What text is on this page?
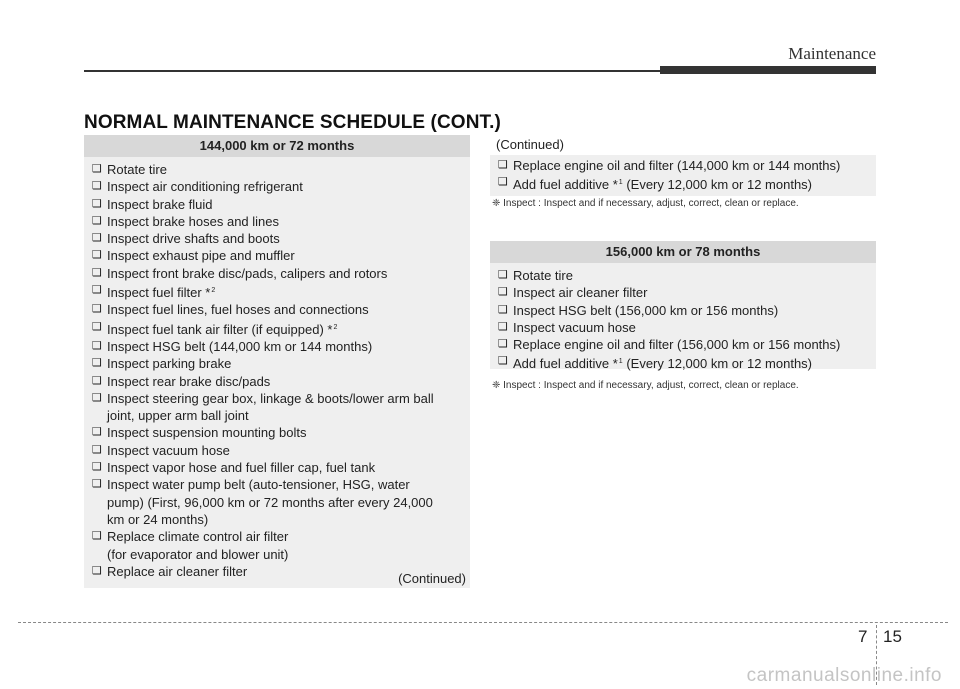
Maintenance
NORMAL MAINTENANCE SCHEDULE (CONT.)
144,000 km or 72 months
❑ Rotate tire
❑ Inspect air conditioning refrigerant
❑ Inspect brake fluid
❑ Inspect brake hoses and lines
❑ Inspect drive shafts and boots
❑ Inspect exhaust pipe and muffler
❑ Inspect front brake disc/pads, calipers and rotors
❑ Inspect fuel filter *$^2$
❑ Inspect fuel lines, fuel hoses and connections
❑ Inspect fuel tank air filter (if equipped) *$^2$
❑ Inspect HSG belt (144,000 km or 144 months)
❑ Inspect parking brake
❑ Inspect rear brake disc/pads
❑ Inspect steering gear box, linkage & boots/lower arm ball
joint, upper arm ball joint
❑ Inspect suspension mounting bolts
❑ Inspect vacuum hose
❑ Inspect vapor hose and fuel filler cap, fuel tank
❑ Inspect water pump belt (auto-tensioner, HSG, water
pump) (First, 96,000 km or 72 months after every 24,000
km or 24 months)
❑ Replace climate control air filter
(for evaporator and blower unit)
❑ Replace air cleaner filter	(Continued)
(Continued)
❑ Replace engine oil and filter (144,000 km or 144 months)
❑ Add fuel additive *$^1$ (Every 12,000 km or 12 months)
❈ Inspect : Inspect and if necessary, adjust, correct, clean or replace.
156,000 km or 78 months
❑ Rotate tire
❑ Inspect air cleaner filter
❑ Inspect HSG belt (156,000 km or 156 months)
❑ Inspect vacuum hose
❑ Replace engine oil and filter (156,000 km or 156 months)
❑ Add fuel additive *$^1$ (Every 12,000 km or 12 months)
❈ Inspect : Inspect and if necessary, adjust, correct, clean or replace.
7 15
carmanualsonline.info
